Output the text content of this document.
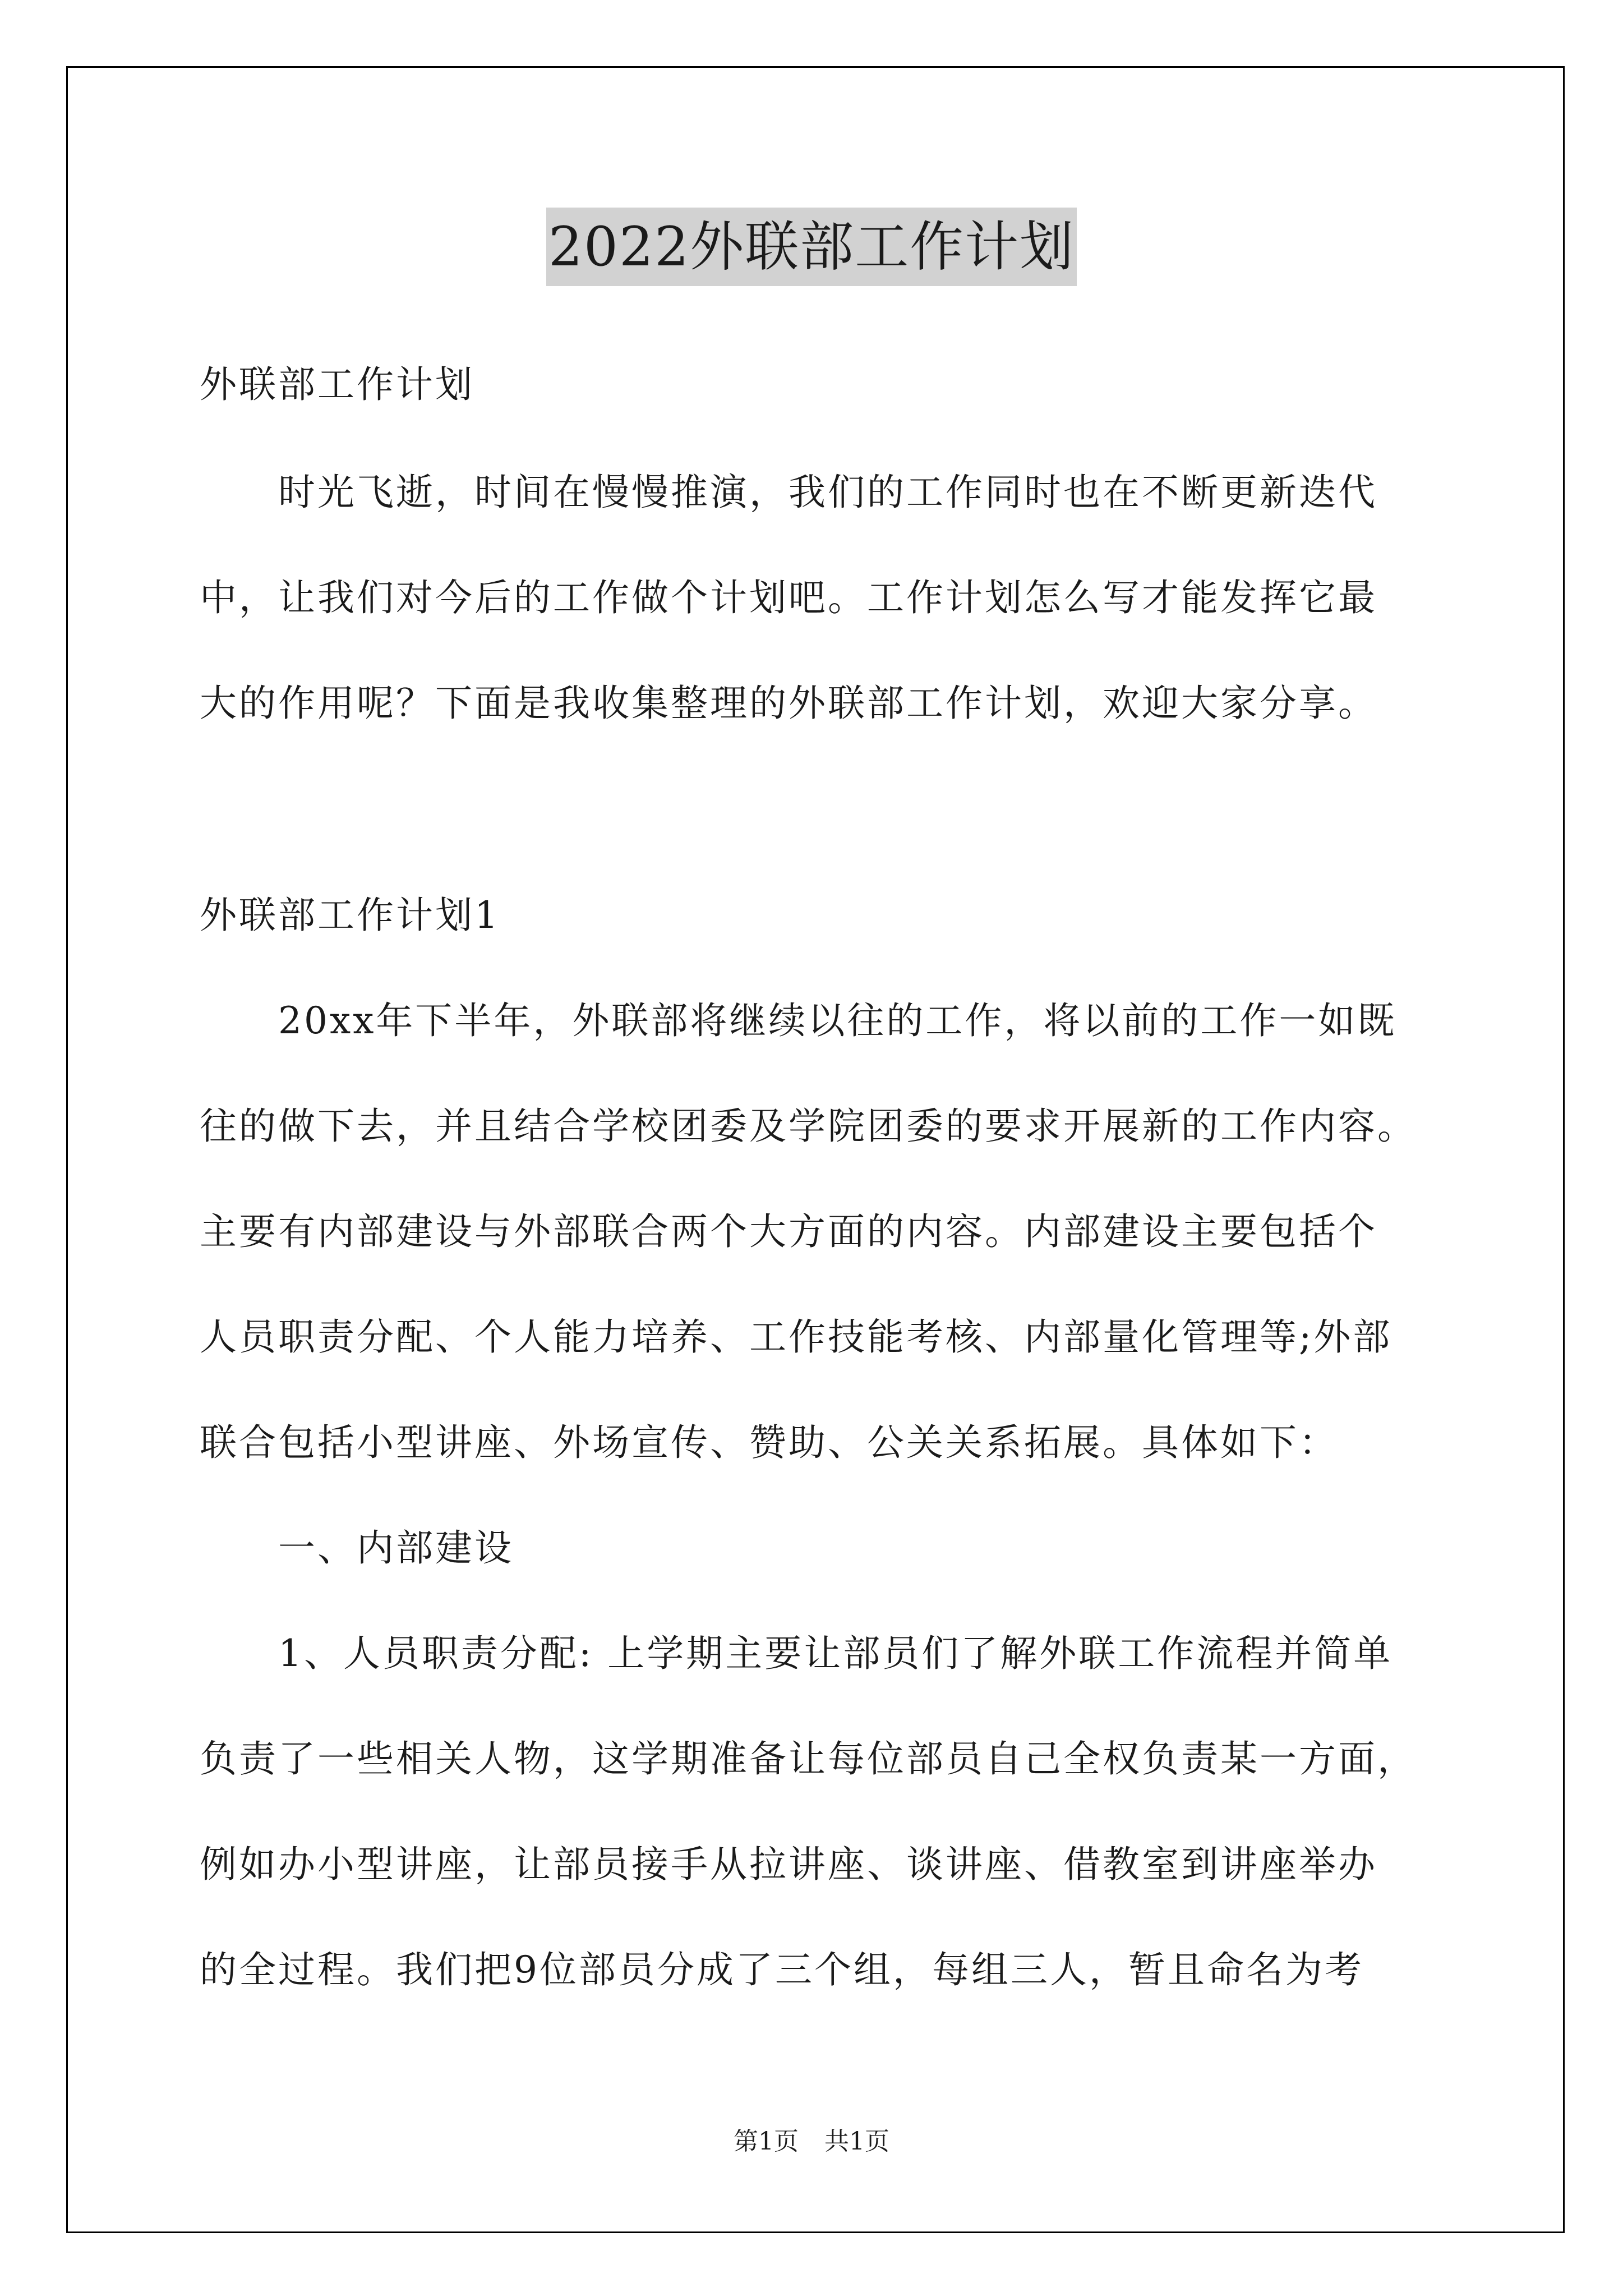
2022外联部工作计划

外联部工作计划

　　时光飞逝，时间在慢慢推演，我们的工作同时也在不断更新迭代

中，让我们对今后的工作做个计划吧。工作计划怎么写才能发挥它最

大的作用呢？下面是我收集整理的外联部工作计划，欢迎大家分享。

外联部工作计划1

　　20xx年下半年，外联部将继续以往的工作，将以前的工作一如既

往的做下去，并且结合学校团委及学院团委的要求开展新的工作内容。

主要有内部建设与外部联合两个大方面的内容。内部建设主要包括个

人员职责分配、个人能力培养、工作技能考核、内部量化管理等;外部

联合包括小型讲座、外场宣传、赞助、公关关系拓展。具体如下：

　　一、内部建设

　　1、人员职责分配: 上学期主要让部员们了解外联工作流程并简单

负责了一些相关人物，这学期准备让每位部员自己全权负责某一方面，

例如办小型讲座，让部员接手从拉讲座、谈讲座、借教室到讲座举办

的全过程。我们把9位部员分成了三个组，每组三人，暂且命名为考

第1页 共1页
